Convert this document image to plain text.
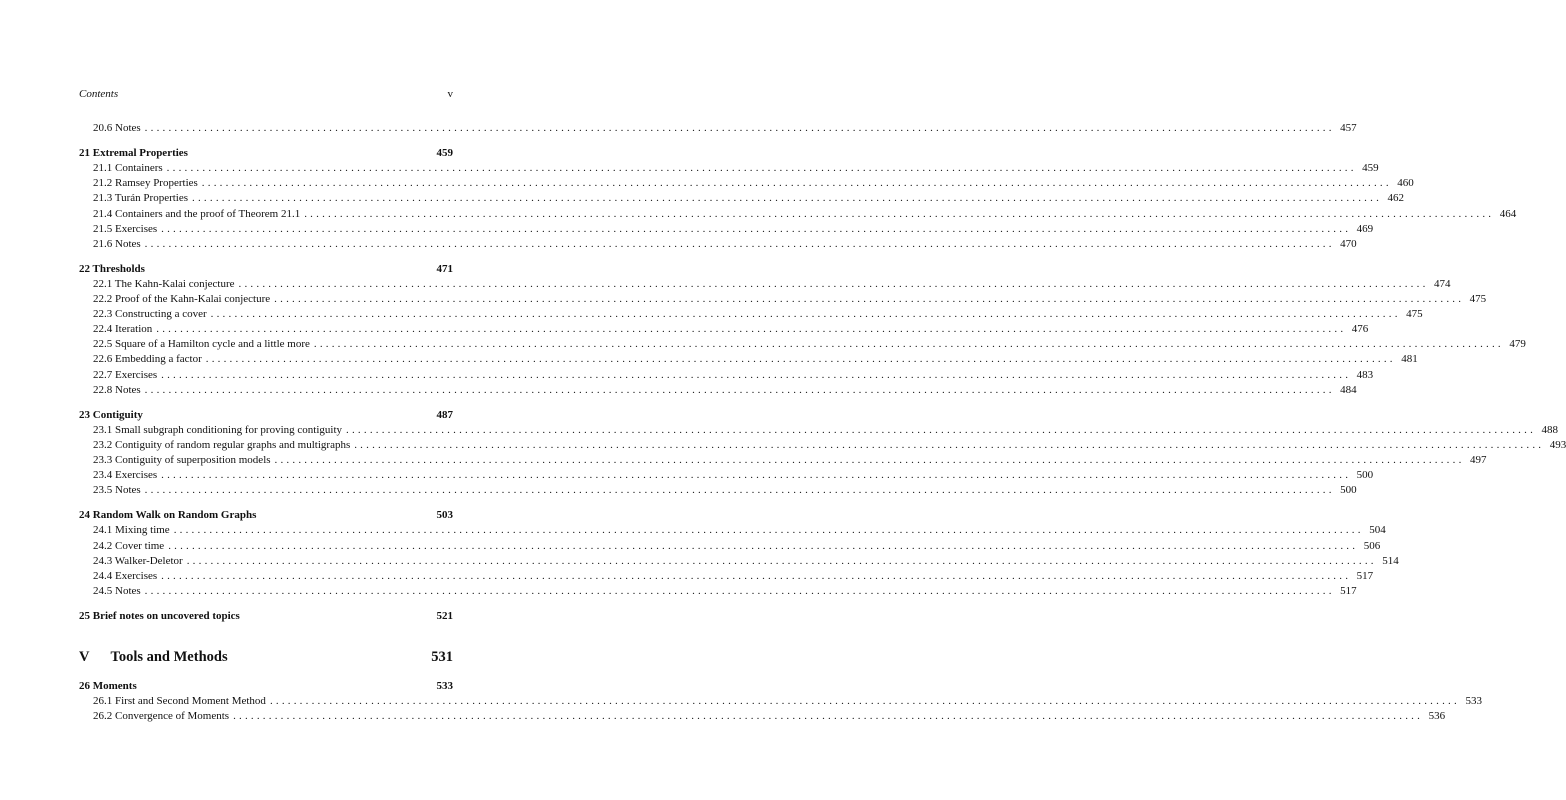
Contents	v
20.6 Notes ........................................................................................................................................................................................................ 457
21 Extremal Properties	459
21.1 Containers ........................................................................................................................................................................................................ 459
21.2 Ramsey Properties ........................................................................................................................................................................................................ 460
21.3 Turán Properties ........................................................................................................................................................................................................ 462
21.4 Containers and the proof of Theorem 21.1 ........................................................................................................................................................................................................ 464
21.5 Exercises ........................................................................................................................................................................................................ 469
21.6 Notes ........................................................................................................................................................................................................ 470
22 Thresholds	471
22.1 The Kahn-Kalai conjecture ........................................................................................................................................................................................................ 474
22.2 Proof of the Kahn-Kalai conjecture ........................................................................................................................................................................................................ 475
22.3 Constructing a cover ........................................................................................................................................................................................................ 475
22.4 Iteration ........................................................................................................................................................................................................ 476
22.5 Square of a Hamilton cycle and a little more ........................................................................................................................................................................................................ 479
22.6 Embedding a factor ........................................................................................................................................................................................................ 481
22.7 Exercises ........................................................................................................................................................................................................ 483
22.8 Notes ........................................................................................................................................................................................................ 484
23 Contiguity	487
23.1 Small subgraph conditioning for proving contiguity ........................................................................................................................................................................................................ 488
23.2 Contiguity of random regular graphs and multigraphs ........................................................................................................................................................................................................ 493
23.3 Contiguity of superposition models ........................................................................................................................................................................................................ 497
23.4 Exercises ........................................................................................................................................................................................................ 500
23.5 Notes ........................................................................................................................................................................................................ 500
24 Random Walk on Random Graphs	503
24.1 Mixing time ........................................................................................................................................................................................................ 504
24.2 Cover time ........................................................................................................................................................................................................ 506
24.3 Walker-Deletor ........................................................................................................................................................................................................ 514
24.4 Exercises ........................................................................................................................................................................................................ 517
24.5 Notes ........................................................................................................................................................................................................ 517
25 Brief notes on uncovered topics	521
V Tools and Methods	531
26 Moments	533
26.1 First and Second Moment Method ........................................................................................................................................................................................................ 533
26.2 Convergence of Moments ........................................................................................................................................................................................................ 536
